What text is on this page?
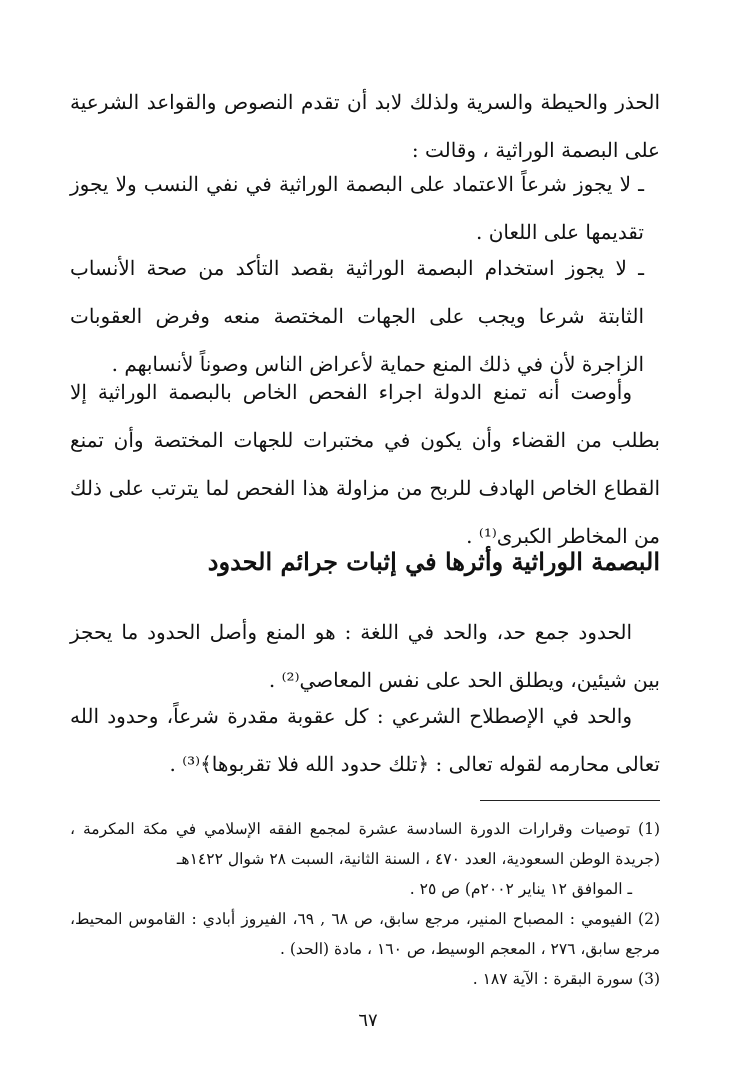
الحذر والحيطة والسرية ولذلك لابد أن تقدم النصوص والقواعد الشرعية على البصمة الوراثية ، وقالت :

ـ لا يجوز شرعاً الاعتماد على البصمة الوراثية في نفي النسب ولا يجوز تقديمها على اللعان .

ـ لا يجوز استخدام البصمة الوراثية بقصد التأكد من صحة الأنساب الثابتة شرعا ويجب على الجهات المختصة منعه وفرض العقوبات الزاجرة لأن في ذلك المنع حماية لأعراض الناس وصوناً لأنسابهم .

وأوصت أنه تمنع الدولة اجراء الفحص الخاص بالبصمة الوراثية إلا بطلب من القضاء وأن يكون في مختبرات للجهات المختصة وأن تمنع القطاع الخاص الهادف للربح من مزاولة هذا الفحص لما يترتب على ذلك من المخاطر الكبرى⁽¹⁾ .

البصمة الوراثية وأثرها في إثبات جرائم الحدود

الحدود جمع حد، والحد في اللغة : هو المنع وأصل الحدود ما يحجز بين شيئين، ويطلق الحد على نفس المعاصي⁽²⁾ .

والحد في الإصطلاح الشرعي : كل عقوبة مقدرة شرعاً، وحدود الله تعالى محارمه لقوله تعالى : ﴿تلك حدود الله فلا تقربوها﴾⁽³⁾ .

(1) توصيات وقرارات الدورة السادسة عشرة لمجمع الفقه الإسلامي في مكة المكرمة ، (جريدة الوطن السعودية، العدد ٤٧٠ ، السنة الثانية، السبت ٢٨ شوال ١٤٢٢هـ

ـ الموافق ١٢ يناير ٢٠٠٢م) ص ٢٥ .

(2) الفيومي : المصباح المنير، مرجع سابق، ص ٦٨ , ٦٩، الفيروز أبادي : القاموس المحيط، مرجع سابق، ٢٧٦ ، المعجم الوسيط، ص ١٦٠ ، مادة (الحد) .

(3) سورة البقرة : الآية ١٨٧ .

٦٧
